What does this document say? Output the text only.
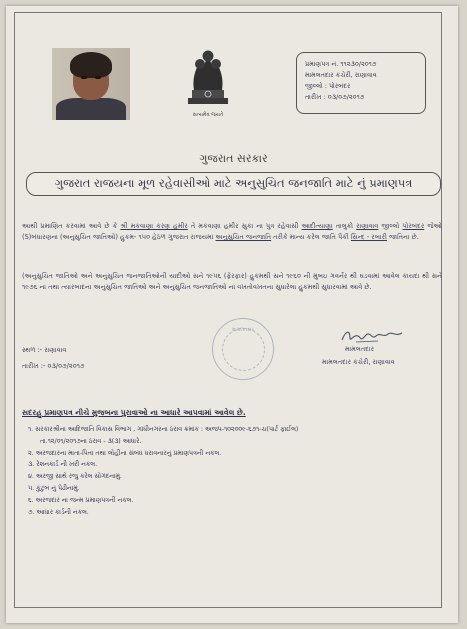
સત્યમેવ જયતે
પ્રમાણપત્ર નં. ૧૧૨૩૦/૨૦૧૭
મામલતદાર કચેરી, રાણાવાવ
જીલ્લો : પોરબંદર
તારીખ : ૦૩/૦૭/૨૦૧૭
ગુજરાત સરકાર
ગુજરાત રાજયના મૂળ રહેવાસીઓ માટે અનુસુચિત જનજાતિ માટે નું પ્રમાણપત્ર
આથી પ્રમાણિત કરવામાં આવે છે કે શ્રી મકવાણા કરણ હમીર તે મકવાણા હમીર સુકા ના પુત્ર રહેવાસી આદીત્યાણા તાલુકો રાણાવાવ જીલ્લો પોરબંદર જેઓ (S)બંધારણના (અનુસુચિત જાતિઓ) હુકમ- ૧૫૦ હેઠળ ગુજરાત રાજયમાં અનુસુચિત જનજાતિ તરીકે માન્ય કરેલ જાતિ પૈકી સિન્દ્ - રબારી જાતિના છે.
(અનુસુચિત જાતિઓ અને અનુસુચિત જનજાતિઓની યાદીઓ સને ૧૯૫૬ (ફેરફાર) હુકમથી સને ૧૯૬૦ ની મુંબઇ ગવર્નર થી ઘડવામાં આવેલ કાયદા થી સને ૧૯૭૬ ના તથા ત્યારબાદના અનુસુચિત જાતિઓ અને અનુસુચિત જનજાતિઓ ના વખતોવખતના સુધારેલા હુકમથી સુધારવામાં આવે છે.
મામલતદાર
સ્થળ :- રાણાવાવ
તારીખ :- ૦૩/૦૭/૨૦૧૭
મામલતદાર
મામલતદાર કચેરી, રાણાવાવ
સદરહુ પ્રમાણપત્ર નીચે મુજબના પુરાવાઓ ના આધારે આપવામાં આવેલ છે.
૧. સરકારશ્રીના આદિજાતિ વિકાસ વિભાગ , ગાંધીનગરના ઠરાવ ક્રમાંક : અજપ-૧૦૨૦૦૯-૬૭૧-ચ(પાર્ટ ફાઈલ)
તા.૧૨/૦૧/૨૦૧૭ના ઠરાવ - ૩(૩) આધારે.
૨. અરજદારના માતા-પિતા તથા લોહીના સંબંધ ધરાવનારનું પ્રમાણપત્રની નકલ.
૩. રેશનકાર્ડ ની ખરી નકલ.
૪. અરજી સાથે રજુ કરેલ સોગંદનામું.
૫. કુટુંબ નું પેઢીનામું.
૬. અરજદાર ના જન્મ પ્રમાણપત્રની નકલ.
૭. આધાર કાર્ડની નકલ.
